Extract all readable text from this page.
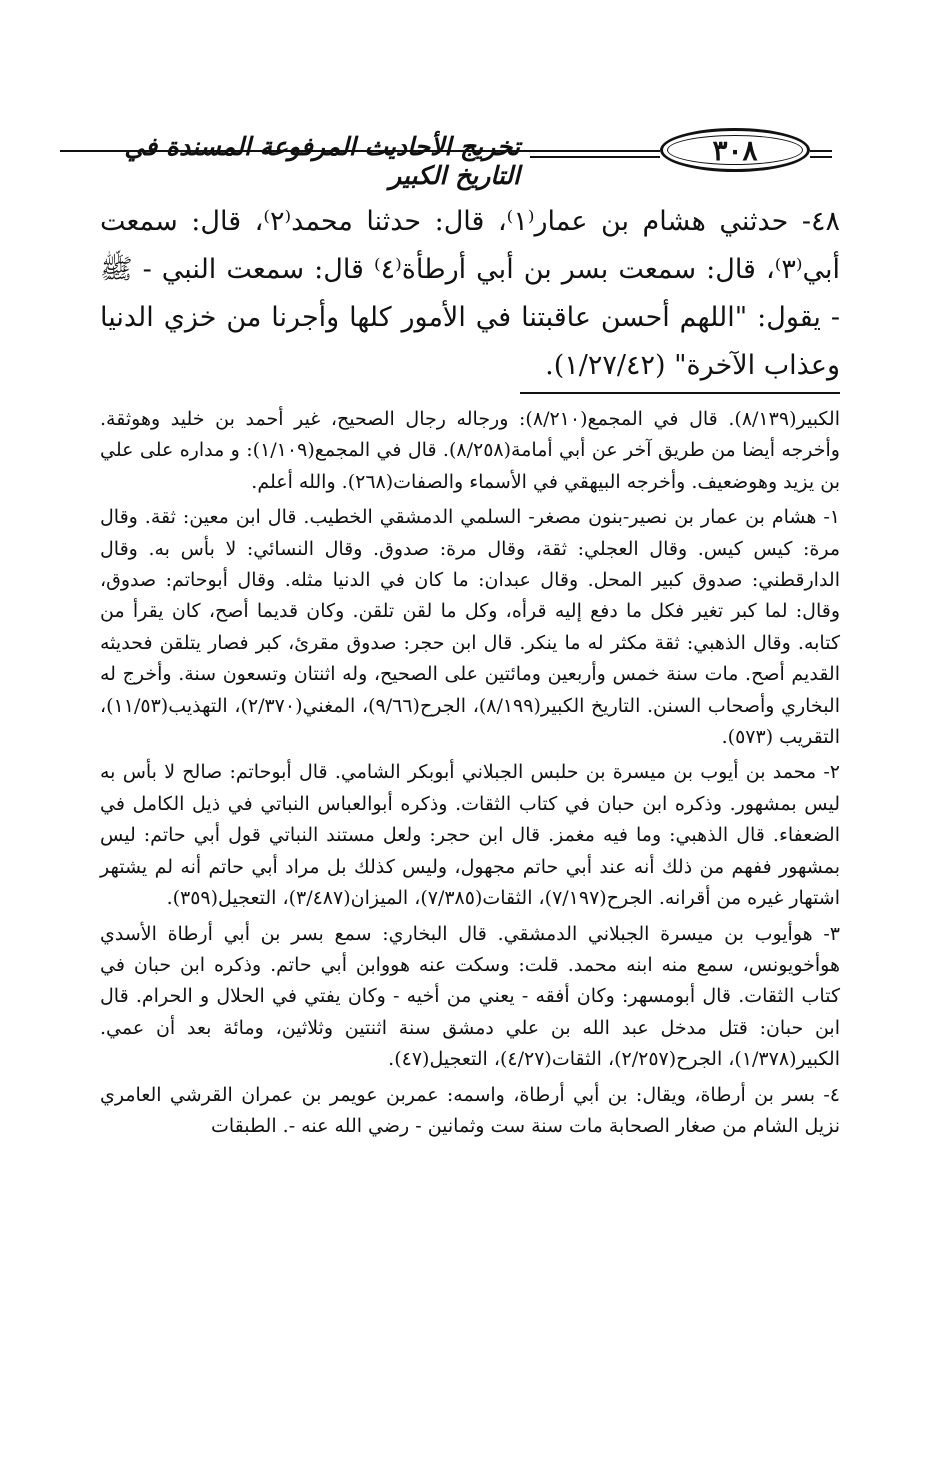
٣٠٨
تخريج الأحاديث المرفوعة المسندة في التاريخ الكبير

٤٨- حدثني هشام بن عمار⁽١⁾، قال: حدثنا محمد⁽٢⁾، قال: سمعت أبي⁽٣⁾، قال: سمعت بسر بن أبي أرطأة⁽٤⁾ قال: سمعت النبي - ﷺ - يقول: "اللهم أحسن عاقبتنا في الأمور كلها وأجرنا من خزي الدنيا وعذاب الآخرة" (١/٢٧/٤٢).

الكبير(٨/١٣٩). قال في المجمع(٨/٢١٠): ورجاله رجال الصحيح، غير أحمد بن خليد وهوثقة. وأخرجه أيضا من طريق آخر عن أبي أمامة(٨/٢٥٨). قال في المجمع(١/١٠٩): و مداره على علي بن يزيد وهوضعيف. وأخرجه البيهقي في الأسماء والصفات(٢٦٨). والله أعلم.

١- هشام بن عمار بن نصير-بنون مصغر- السلمي الدمشقي الخطيب. قال ابن معين: ثقة. وقال مرة: كيس كيس. وقال العجلي: ثقة، وقال مرة: صدوق. وقال النسائي: لا بأس به. وقال الدارقطني: صدوق كبير المحل. وقال عبدان: ما كان في الدنيا مثله. وقال أبوحاتم: صدوق، وقال: لما كبر تغير فكل ما دفع إليه قرأه، وكل ما لقن تلقن. وكان قديما أصح، كان يقرأ من كتابه. وقال الذهبي: ثقة مكثر له ما ينكر. قال ابن حجر: صدوق مقرئ، كبر فصار يتلقن فحديثه القديم أصح. مات سنة خمس وأربعين ومائتين على الصحيح، وله اثنتان وتسعون سنة. وأخرج له البخاري وأصحاب السنن. التاريخ الكبير(٨/١٩٩)، الجرح(٩/٦٦)، المغني(٢/٣٧٠)، التهذيب(١١/٥٣)، التقريب (٥٧٣).

٢- محمد بن أيوب بن ميسرة بن حلبس الجبلاني أبوبكر الشامي. قال أبوحاتم: صالح لا بأس به ليس بمشهور. وذكره ابن حبان في كتاب الثقات. وذكره أبوالعباس النباتي في ذيل الكامل في الضعفاء. قال الذهبي: وما فيه مغمز. قال ابن حجر: ولعل مستند النباتي قول أبي حاتم: ليس بمشهور ففهم من ذلك أنه عند أبي حاتم مجهول، وليس كذلك بل مراد أبي حاتم أنه لم يشتهر اشتهار غيره من أقرانه. الجرح(٧/١٩٧)، الثقات(٧/٣٨٥)، الميزان(٣/٤٨٧)، التعجيل(٣٥٩).

٣- هوأيوب بن ميسرة الجبلاني الدمشقي. قال البخاري: سمع بسر بن أبي أرطاة الأسدي هوأخويونس، سمع منه ابنه محمد. قلت: وسكت عنه هووابن أبي حاتم. وذكره ابن حبان في كتاب الثقات. قال أبومسهر: وكان أفقه - يعني من أخيه - وكان يفتي في الحلال و الحرام. قال ابن حبان: قتل مدخل عبد الله بن علي دمشق سنة اثنتين وثلاثين، ومائة بعد أن عمي. الكبير(١/٣٧٨)، الجرح(٢/٢٥٧)، الثقات(٤/٢٧)، التعجيل(٤٧).

٤- بسر بن أرطاة، ويقال: بن أبي أرطاة، واسمه: عمربن عويمر بن عمران القرشي العامري نزيل الشام من صغار الصحابة مات سنة ست وثمانين - رضي الله عنه -. الطبقات
